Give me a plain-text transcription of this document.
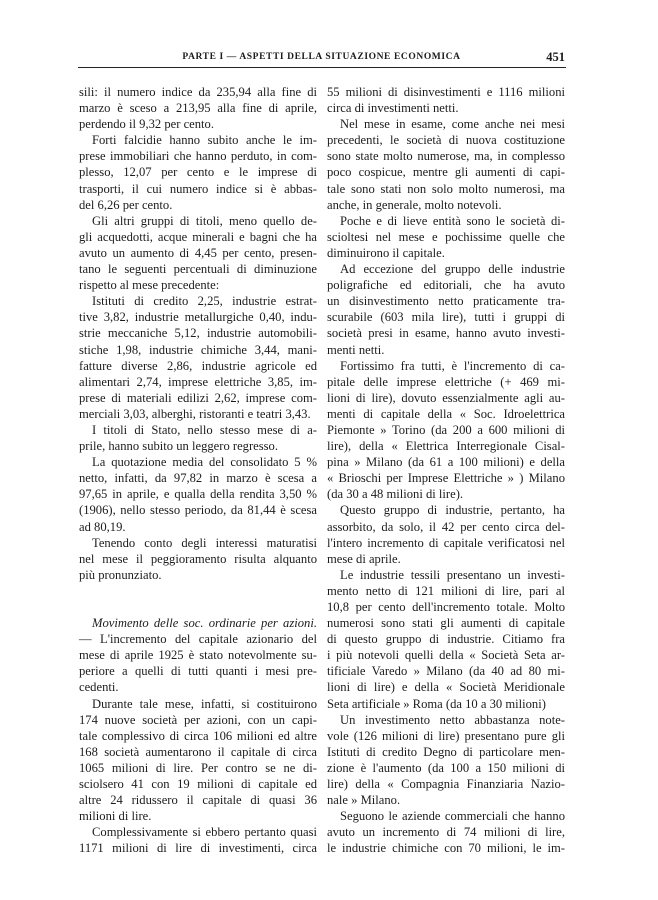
PARTE I — ASPETTI DELLA SITUAZIONE ECONOMICA	451
sili: il numero indice da 235,94 alla fine di
marzo è sceso a 213,95 alla fine di aprile,
perdendo il 9,32 per cento.
Forti falcidie hanno subito anche le im-
prese immobiliari che hanno perduto, in com-
plesso, 12,07 per cento e le imprese di
trasporti, il cui numero indice si è abbas-
del 6,26 per cento.
Gli altri gruppi di titoli, meno quello de-
gli acquedotti, acque minerali e bagni che ha
avuto un aumento di 4,45 per cento, presen-
tano le seguenti percentuali di diminuzione
rispetto al mese precedente:
Istituti di credito 2,25, industrie estrat-
tive 3,82, industrie metallurgiche 0,40, indu-
strie meccaniche 5,12, industrie automobili-
stiche 1,98, industrie chimiche 3,44, mani-
fatture diverse 2,86, industrie agricole ed
alimentari 2,74, imprese elettriche 3,85, im-
prese di materiali edilizi 2,62, imprese com-
merciali 3,03, alberghi, ristoranti e teatri 3,43.
I titoli di Stato, nello stesso mese di a-
prile, hanno subito un leggero regresso.
La quotazione media del consolidato 5 %
netto, infatti, da 97,82 in marzo è scesa a
97,65 in aprile, e qualla della rendita 3,50 %
(1906), nello stesso periodo, da 81,44 è scesa
ad 80,19.
Tenendo conto degli interessi maturatisi
nel mese il peggioramento risulta alquanto
più pronunziato.
Movimento delle soc. ordinarie per azioni.
— L'incremento del capitale azionario del
mese di aprile 1925 è stato notevolmente su-
periore a quelli di tutti quanti i mesi pre-
cedenti.
Durante tale mese, infatti, si costituirono
174 nuove società per azioni, con un capi-
tale complessivo di circa 106 milioni ed altre
168 società aumentarono il capitale di circa
1065 milioni di lire. Per contro se ne di-
sciolsero 41 con 19 milioni di capitale ed
altre 24 ridussero il capitale di quasi 36
milioni di lire.
Complessivamente si ebbero pertanto quasi
1171 milioni di lire di investimenti, circa
55 milioni di disinvestimenti e 1116 milioni
circa di investimenti netti.
Nel mese in esame, come anche nei mesi
precedenti, le società di nuova costituzione
sono state molto numerose, ma, in complesso
poco cospicue, mentre gli aumenti di capi-
tale sono stati non solo molto numerosi, ma
anche, in generale, molto notevoli.
Poche e di lieve entità sono le società di-
scioltesi nel mese e pochissime quelle che
diminuirono il capitale.
Ad eccezione del gruppo delle industrie
poligrafiche ed editoriali, che ha avuto
un disinvestimento netto praticamente tra-
scurabile (603 mila lire), tutti i gruppi di
società presi in esame, hanno avuto investi-
menti netti.
Fortissimo fra tutti, è l'incremento di ca-
pitale delle imprese elettriche (+ 469 mi-
lioni di lire), dovuto essenzialmente agli au-
menti di capitale della « Soc. Idroelettrica
Piemonte » Torino (da 200 a 600 milioni di
lire), della « Elettrica Interregionale Cisal-
pina » Milano (da 61 a 100 milioni) e della
« Brioschi per Imprese Elettriche » ) Milano
(da 30 a 48 milioni di lire).
Questo gruppo di industrie, pertanto, ha
assorbito, da solo, il 42 per cento circa del-
l'intero incremento di capitale verificatosi nel
mese di aprile.
Le industrie tessili presentano un investi-
mento netto di 121 milioni di lire, pari al
10,8 per cento dell'incremento totale. Molto
numerosi sono stati gli aumenti di capitale
di questo gruppo di industrie. Citiamo fra
i più notevoli quelli della « Società Seta ar-
tificiale Varedo » Milano (da 40 ad 80 mi-
lioni di lire) e della « Società Meridionale
Seta artificiale » Roma (da 10 a 30 milioni)
Un investimento netto abbastanza note-
vole (126 milioni di lire) presentano pure gli
Istituti di credito Degno di particolare men-
zione è l'aumento (da 100 a 150 milioni di
lire) della « Compagnia Finanziaria Nazio-
nale » Milano.
Seguono le aziende commerciali che hanno
avuto un incremento di 74 milioni di lire,
le industrie chimiche con 70 milioni, le im-
